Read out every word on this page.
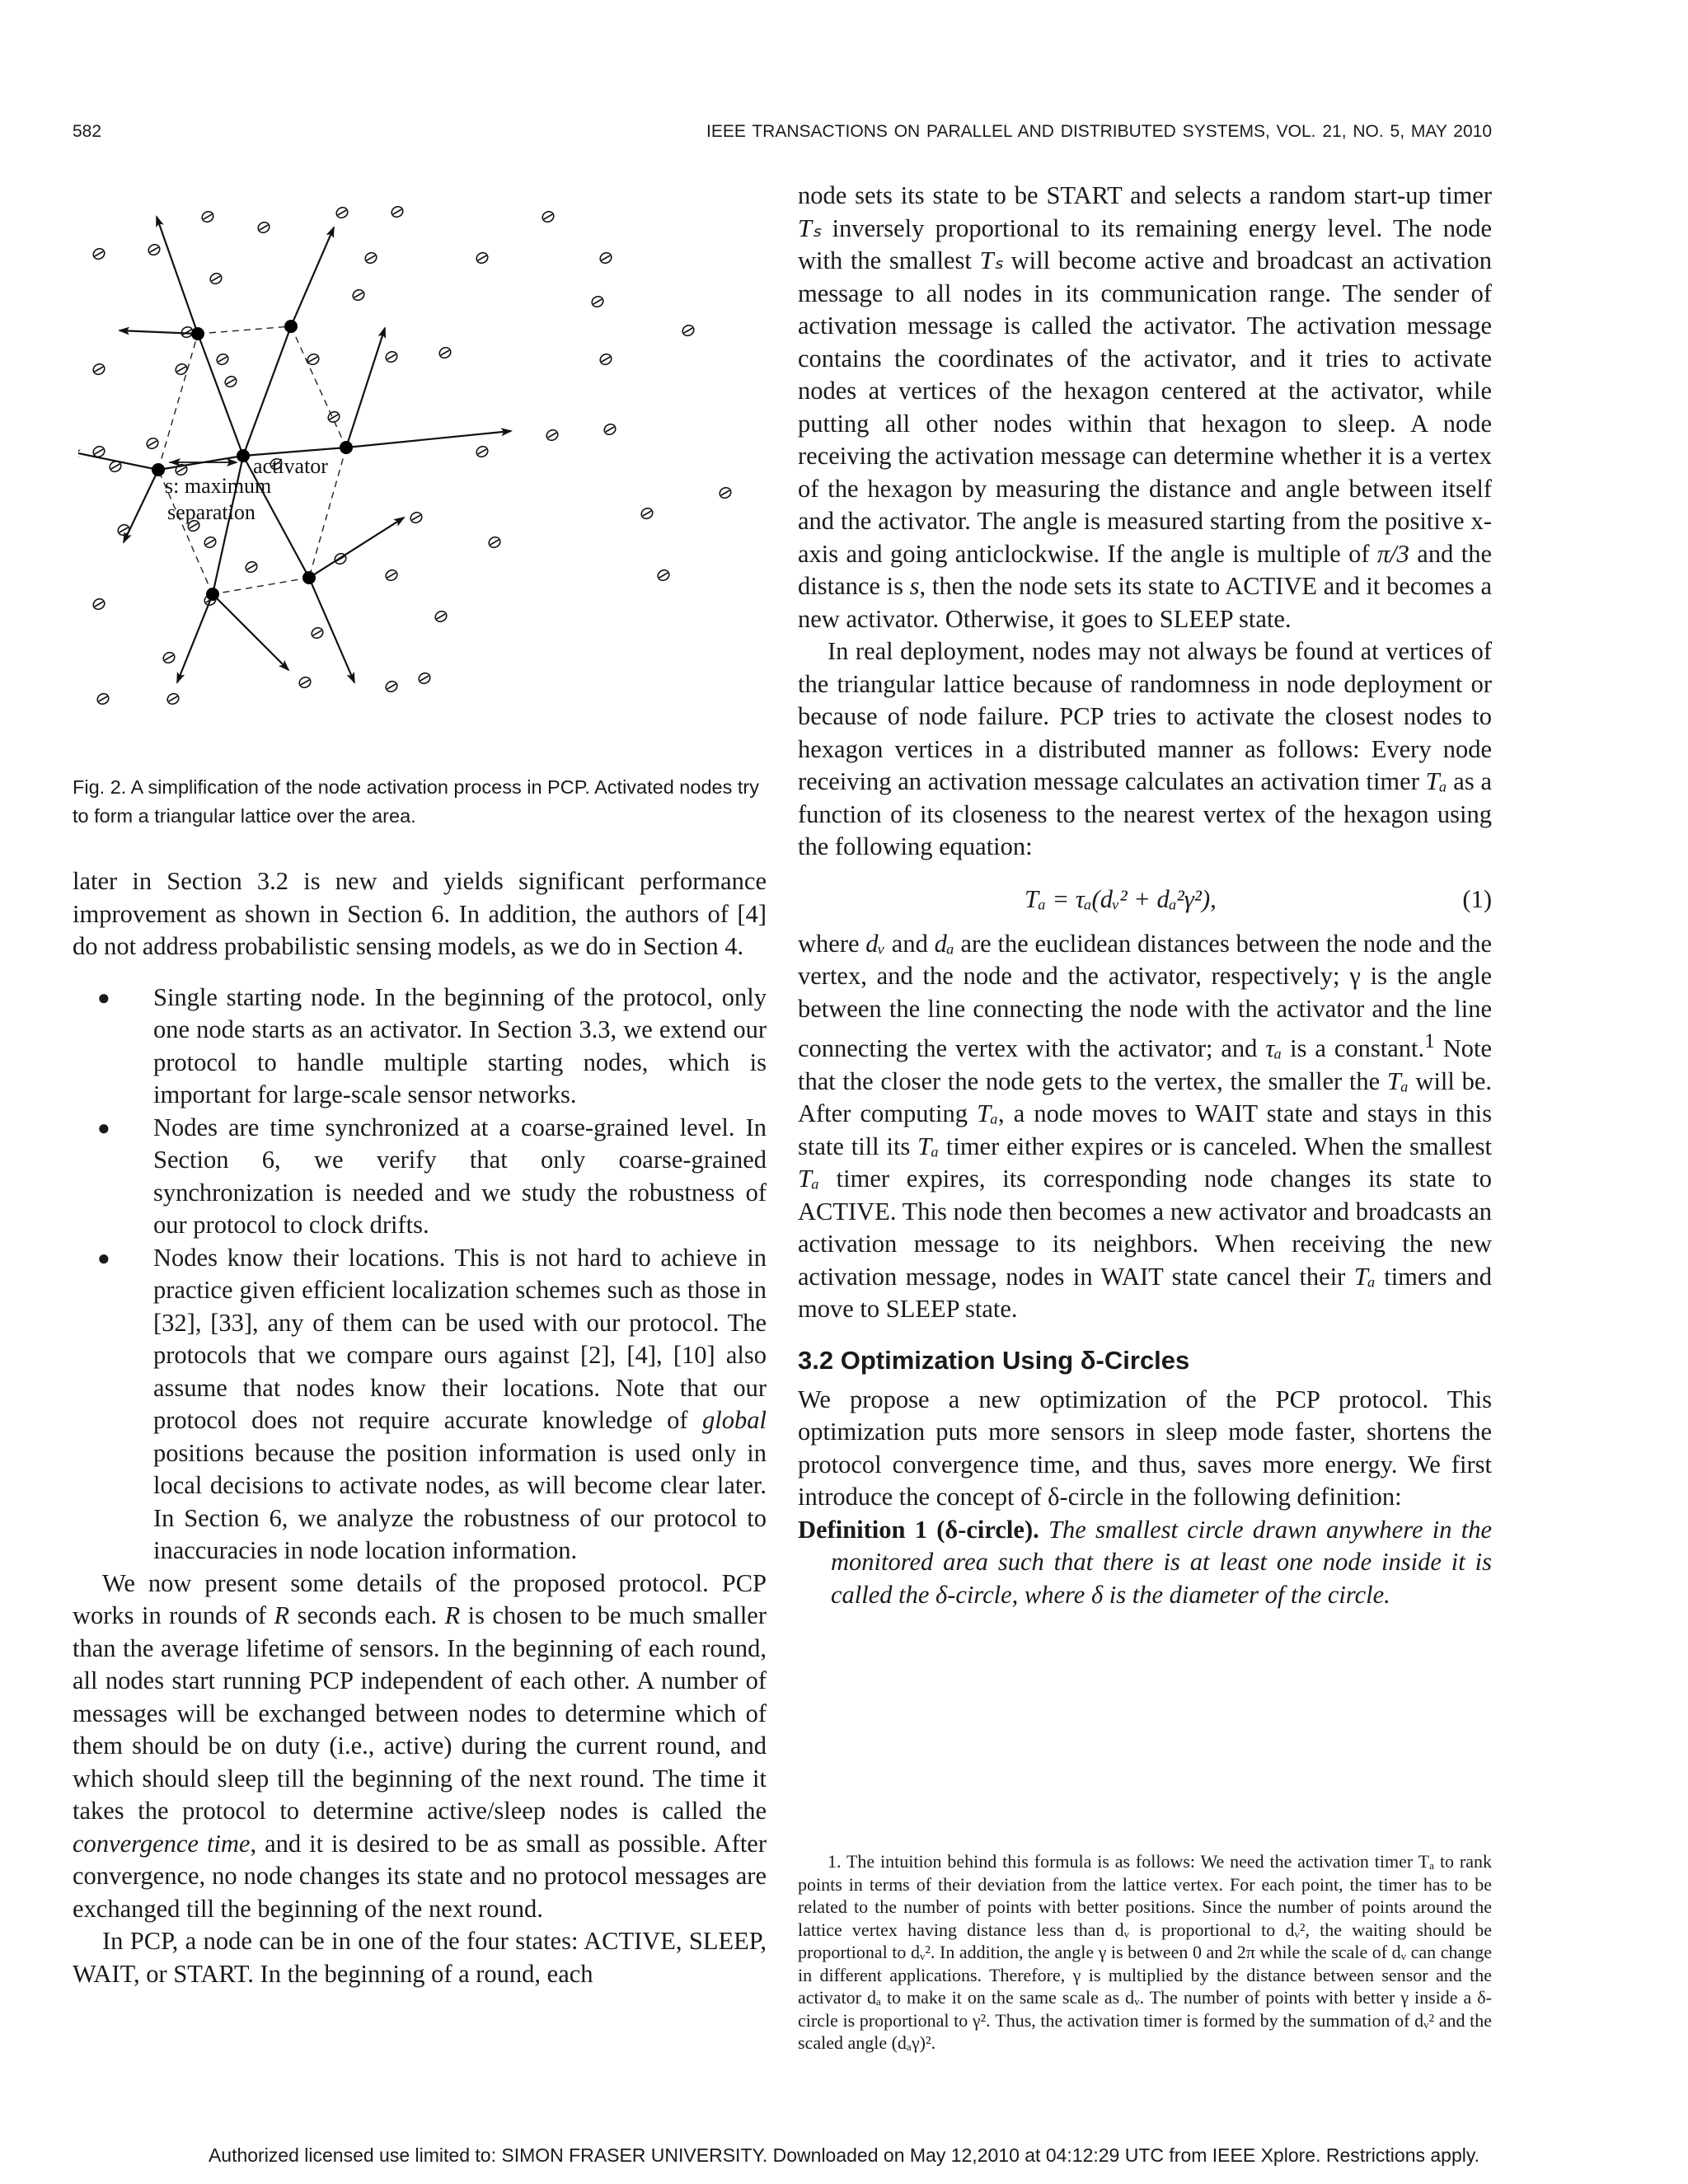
582	IEEE TRANSACTIONS ON PARALLEL AND DISTRIBUTED SYSTEMS, VOL. 21, NO. 5, MAY 2010
activator
s: maximum
separation
Fig. 2. A simplification of the node activation process in PCP. Activated nodes try to form a triangular lattice over the area.

later in Section 3.2 is new and yields significant performance improvement as shown in Section 6. In addition, the authors of [4] do not address probabilistic sensing models, as we do in Section 4.

● Single starting node. In the beginning of the protocol, only one node starts as an activator. In Section 3.3, we extend our protocol to handle multiple starting nodes, which is important for large-scale sensor networks.
● Nodes are time synchronized at a coarse-grained level. In Section 6, we verify that only coarse-grained synchronization is needed and we study the robustness of our protocol to clock drifts.
● Nodes know their locations. This is not hard to achieve in practice given efficient localization schemes such as those in [32], [33], any of them can be used with our protocol. The protocols that we compare ours against [2], [4], [10] also assume that nodes know their locations. Note that our protocol does not require accurate knowledge of global positions because the position information is used only in local decisions to activate nodes, as will become clear later. In Section 6, we analyze the robustness of our protocol to inaccuracies in node location information.

We now present some details of the proposed protocol. PCP works in rounds of R seconds each. R is chosen to be much smaller than the average lifetime of sensors. In the beginning of each round, all nodes start running PCP independent of each other. A number of messages will be exchanged between nodes to determine which of them should be on duty (i.e., active) during the current round, and which should sleep till the beginning of the next round. The time it takes the protocol to determine active/sleep nodes is called the convergence time, and it is desired to be as small as possible. After convergence, no node changes its state and no protocol messages are exchanged till the beginning of the next round.

In PCP, a node can be in one of the four states: ACTIVE, SLEEP, WAIT, or START. In the beginning of a round, each

node sets its state to be START and selects a random start-up timer Tₛ inversely proportional to its remaining energy level. The node with the smallest Tₛ will become active and broadcast an activation message to all nodes in its communication range. The sender of activation message is called the activator. The activation message contains the coordinates of the activator, and it tries to activate nodes at vertices of the hexagon centered at the activator, while putting all other nodes within that hexagon to sleep. A node receiving the activation message can determine whether it is a vertex of the hexagon by measuring the distance and angle between itself and the activator. The angle is measured starting from the positive x-axis and going anticlockwise. If the angle is multiple of π/3 and the distance is s, then the node sets its state to ACTIVE and it becomes a new activator. Otherwise, it goes to SLEEP state.

In real deployment, nodes may not always be found at vertices of the triangular lattice because of randomness in node deployment or because of node failure. PCP tries to activate the closest nodes to hexagon vertices in a distributed manner as follows: Every node receiving an activation message calculates an activation timer Tₐ as a function of its closeness to the nearest vertex of the hexagon using the following equation:

Tₐ = τₐ(dᵥ² + dₐ²γ²),	(1)

where dᵥ and dₐ are the euclidean distances between the node and the vertex, and the node and the activator, respectively; γ is the angle between the line connecting the node with the activator and the line connecting the vertex with the activator; and τₐ is a constant.$^1$ Note that the closer the node gets to the vertex, the smaller the Tₐ will be. After computing Tₐ, a node moves to WAIT state and stays in this state till its Tₐ timer either expires or is canceled. When the smallest Tₐ timer expires, its corresponding node changes its state to ACTIVE. This node then becomes a new activator and broadcasts an activation message to its neighbors. When receiving the new activation message, nodes in WAIT state cancel their Tₐ timers and move to SLEEP state.

3.2 Optimization Using δ-Circles

We propose a new optimization of the PCP protocol. This optimization puts more sensors in sleep mode faster, shortens the protocol convergence time, and thus, saves more energy. We first introduce the concept of δ-circle in the following definition:

Definition 1 (δ-circle). The smallest circle drawn anywhere in the monitored area such that there is at least one node inside it is called the δ-circle, where δ is the diameter of the circle.

1. The intuition behind this formula is as follows: We need the activation timer Tₐ to rank points in terms of their deviation from the lattice vertex. For each point, the timer has to be related to the number of points with better positions. Since the number of points around the lattice vertex having distance less than dᵥ is proportional to dᵥ², the waiting should be proportional to dᵥ². In addition, the angle γ is between 0 and 2π while the scale of dᵥ can change in different applications. Therefore, γ is multiplied by the distance between sensor and the activator dₐ to make it on the same scale as dᵥ. The number of points with better γ inside a δ-circle is proportional to γ². Thus, the activation timer is formed by the summation of dᵥ² and the scaled angle (dₐγ)².

Authorized licensed use limited to: SIMON FRASER UNIVERSITY. Downloaded on May 12,2010 at 04:12:29 UTC from IEEE Xplore. Restrictions apply.
